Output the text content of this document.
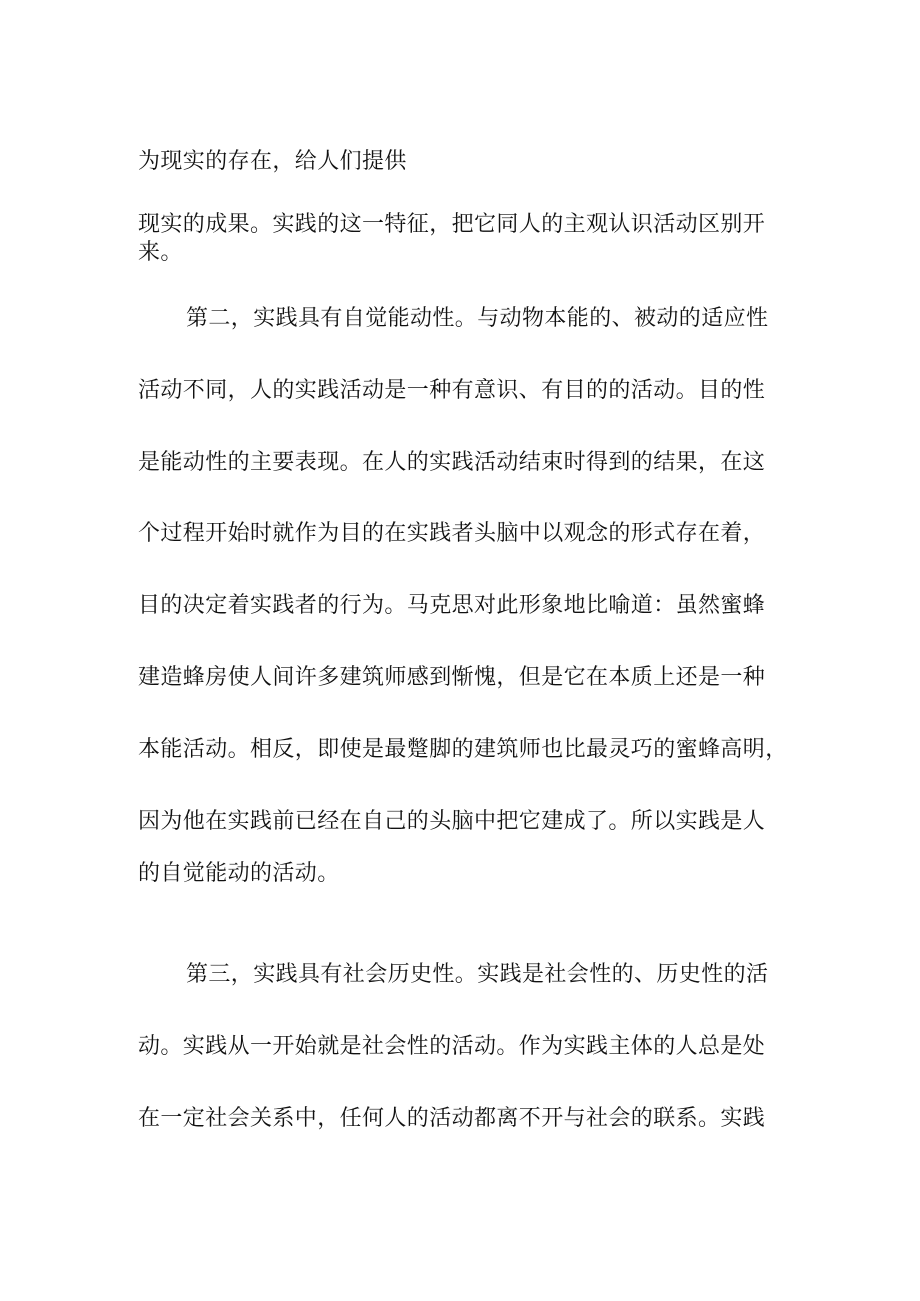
为现实的存在，给人们提供
现实的成果。实践的这一特征，把它同人的主观认识活动区别开
来。
第二，实践具有自觉能动性。与动物本能的、被动的适应性
活动不同，人的实践活动是一种有意识、有目的的活动。目的性
是能动性的主要表现。在人的实践活动结束时得到的结果，在这
个过程开始时就作为目的在实践者头脑中以观念的形式存在着，
目的决定着实践者的行为。马克思对此形象地比喻道：虽然蜜蜂
建造蜂房使人间许多建筑师感到惭愧，但是它在本质上还是一种
本能活动。相反，即使是最蹩脚的建筑师也比最灵巧的蜜蜂高明，
因为他在实践前已经在自己的头脑中把它建成了。所以实践是人
的自觉能动的活动。
第三，实践具有社会历史性。实践是社会性的、历史性的活
动。实践从一开始就是社会性的活动。作为实践主体的人总是处
在一定社会关系中，任何人的活动都离不开与社会的联系。实践
